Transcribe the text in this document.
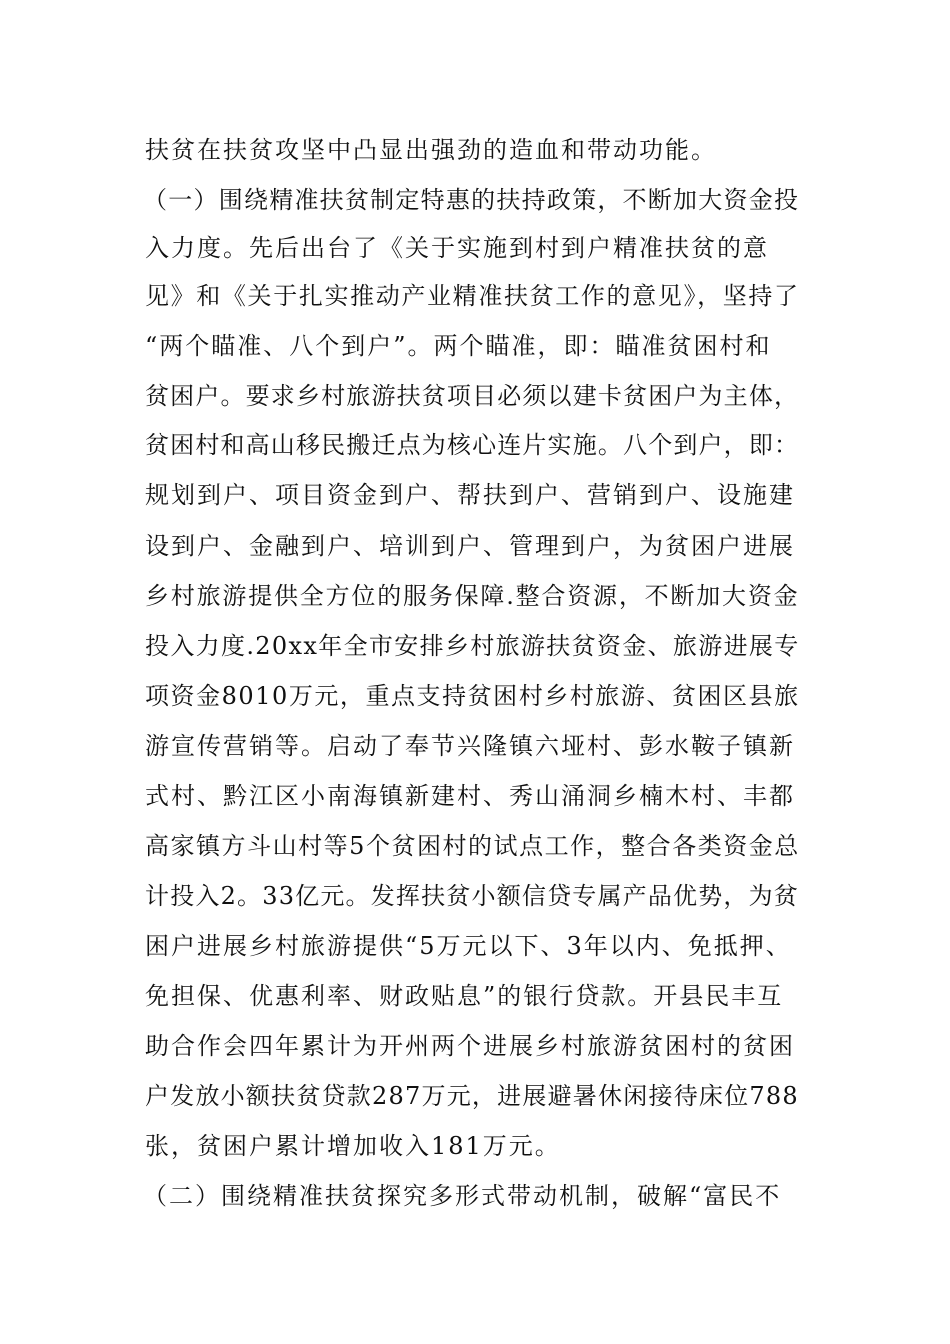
扶贫在扶贫攻坚中凸显出强劲的造血和带动功能。
（一）围绕精准扶贫制定特惠的扶持政策，不断加大资金投
入力度。先后出台了《关于实施到村到户精准扶贫的意
见》和《关于扎实推动产业精准扶贫工作的意见》，坚持了
“两个瞄准、八个到户”。两个瞄准，即：瞄准贫困村和
贫困户。要求乡村旅游扶贫项目必须以建卡贫困户为主体，
贫困村和高山移民搬迁点为核心连片实施。八个到户，即：
规划到户、项目资金到户、帮扶到户、营销到户、设施建
设到户、金融到户、培训到户、管理到户，为贫困户进展
乡村旅游提供全方位的服务保障.整合资源，不断加大资金
投入力度.20xx年全市安排乡村旅游扶贫资金、旅游进展专
项资金8010万元，重点支持贫困村乡村旅游、贫困区县旅
游宣传营销等。启动了奉节兴隆镇六垭村、彭水鞍子镇新
式村、黔江区小南海镇新建村、秀山涌洞乡楠木村、丰都
高家镇方斗山村等5个贫困村的试点工作，整合各类资金总
计投入2。33亿元。发挥扶贫小额信贷专属产品优势，为贫
困户进展乡村旅游提供“5万元以下、3年以内、免抵押、
免担保、优惠利率、财政贴息”的银行贷款。开县民丰互
助合作会四年累计为开州两个进展乡村旅游贫困村的贫困
户发放小额扶贫贷款287万元，进展避暑休闲接待床位788
张，贫困户累计增加收入181万元。
（二）围绕精准扶贫探究多形式带动机制，破解“富民不
